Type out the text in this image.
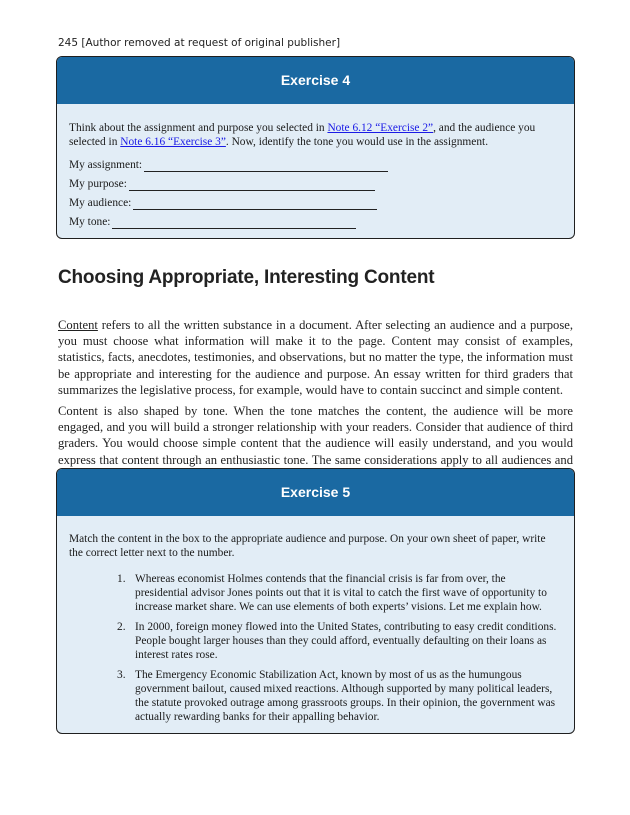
245 [Author removed at request of original publisher]
Exercise 4
Think about the assignment and purpose you selected in Note 6.12 “Exercise 2”, and the audience you selected in Note 6.16 “Exercise 3”. Now, identify the tone you would use in the assignment.
My assignment:
My purpose:
My audience:
My tone:
Choosing Appropriate, Interesting Content

Content refers to all the written substance in a document. After selecting an audience and a purpose, you must choose what information will make it to the page. Content may consist of examples, statistics, facts, anecdotes, testimonies, and observations, but no matter the type, the information must be appropriate and interesting for the audience and purpose. An essay written for third graders that summarizes the legislative process, for example, would have to contain succinct and simple content.

Content is also shaped by tone. When the tone matches the content, the audience will be more engaged, and you will build a stronger relationship with your readers. Consider that audience of third graders. You would choose simple content that the audience will easily understand, and you would express that content through an enthusiastic tone. The same considerations apply to all audiences and

Exercise 5
Match the content in the box to the appropriate audience and purpose. On your own sheet of paper, write the correct letter next to the number.
1. Whereas economist Holmes contends that the financial crisis is far from over, the presidential advisor Jones points out that it is vital to catch the first wave of opportunity to increase market share. We can use elements of both experts’ visions. Let me explain how.
2. In 2000, foreign money flowed into the United States, contributing to easy credit conditions. People bought larger houses than they could afford, eventually defaulting on their loans as interest rates rose.
3. The Emergency Economic Stabilization Act, known by most of us as the humungous government bailout, caused mixed reactions. Although supported by many political leaders, the statute provoked outrage among grassroots groups. In their opinion, the government was actually rewarding banks for their appalling behavior.
